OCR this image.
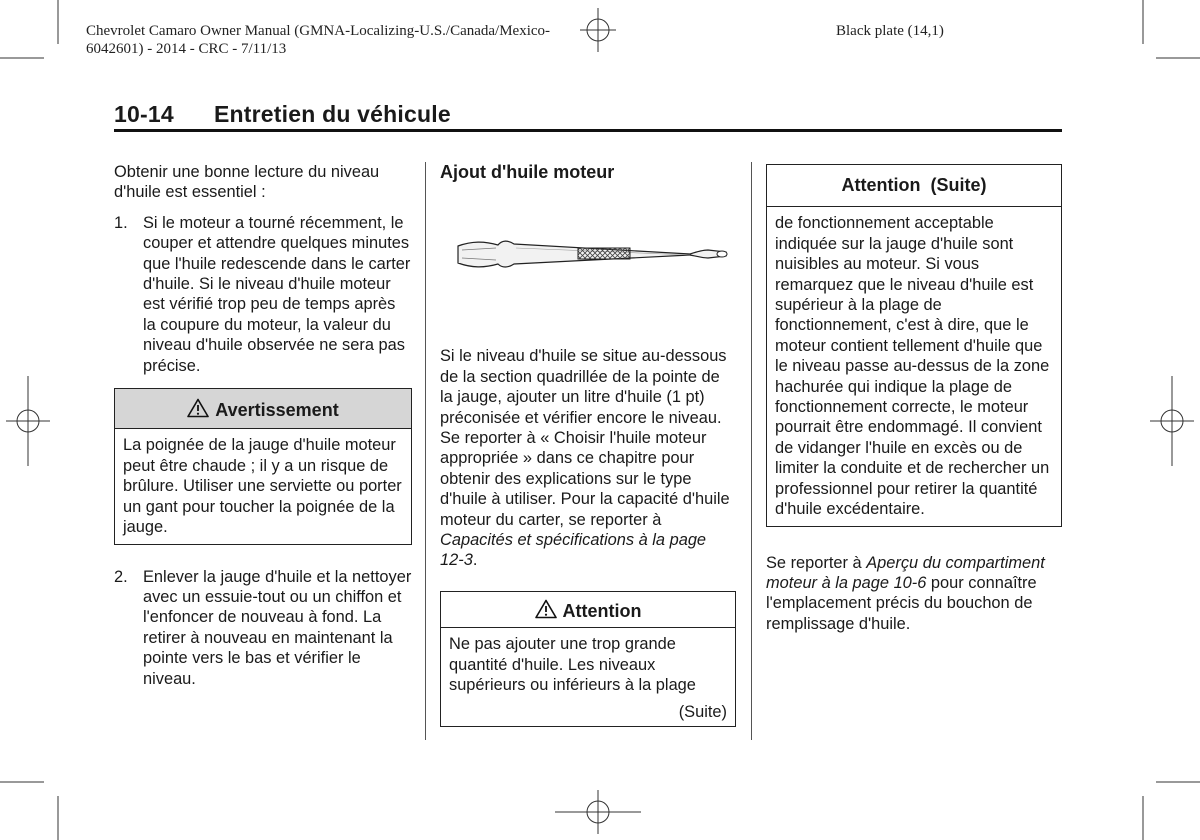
Chevrolet Camaro Owner Manual (GMNA-Localizing-U.S./Canada/Mexico-
6042601) - 2014 - CRC - 7/11/13
Black plate (14,1)
10-14 Entretien du véhicule

Obtenir une bonne lecture du niveau d'huile est essentiel :

1. Si le moteur a tourné récemment, le couper et attendre quelques minutes que l'huile redescende dans le carter d'huile. Si le niveau d'huile moteur est vérifié trop peu de temps après la coupure du moteur, la valeur du niveau d'huile observée ne sera pas précise.
Avertissement
La poignée de la jauge d'huile moteur peut être chaude ; il y a un risque de brûlure. Utiliser une serviette ou porter un gant pour toucher la poignée de la jauge.
2. Enlever la jauge d'huile et la nettoyer avec un essuie-tout ou un chiffon et l'enfoncer de nouveau à fond. La retirer à nouveau en maintenant la pointe vers le bas et vérifier le niveau.
Ajout d'huile moteur

Si le niveau d'huile se situe au-dessous de la section quadrillée de la pointe de la jauge, ajouter un litre d'huile (1 pt) préconisée et vérifier encore le niveau. Se reporter à « Choisir l'huile moteur appropriée » dans ce chapitre pour obtenir des explications sur le type d'huile à utiliser. Pour la capacité d'huile moteur du carter, se reporter à Capacités et spécifications à la page 12-3.

Attention
Ne pas ajouter une trop grande quantité d'huile. Les niveaux supérieurs ou inférieurs à la plage
(Suite)
Attention  (Suite)
de fonctionnement acceptable indiquée sur la jauge d'huile sont nuisibles au moteur. Si vous remarquez que le niveau d'huile est supérieur à la plage de fonctionnement, c'est à dire, que le moteur contient tellement d'huile que le niveau passe au-dessus de la zone hachurée qui indique la plage de fonctionnement correcte, le moteur pourrait être endommagé. Il convient de vidanger l'huile en excès ou de limiter la conduite et de rechercher un professionnel pour retirer la quantité d'huile excédentaire.

Se reporter à Aperçu du compartiment moteur à la page 10-6 pour connaître l'emplacement précis du bouchon de remplissage d'huile.
